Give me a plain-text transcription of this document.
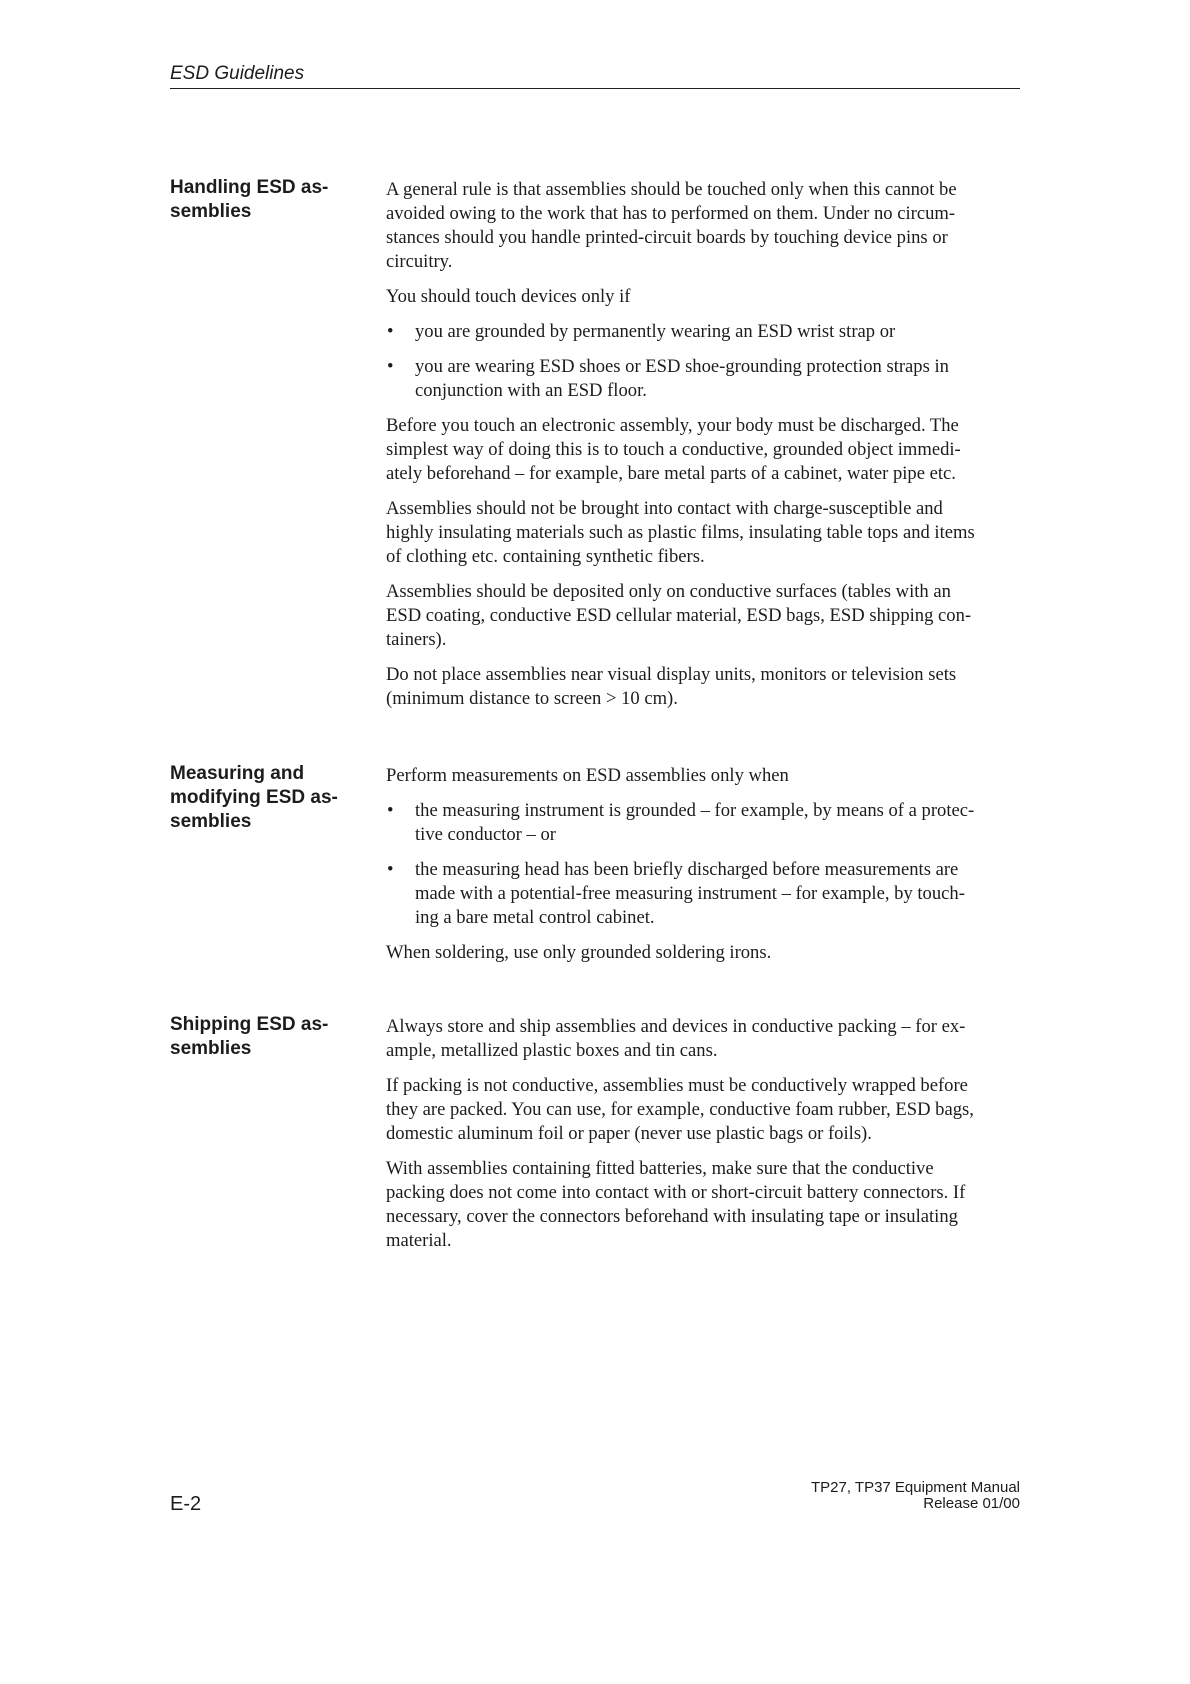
ESD Guidelines
Handling ESD as-
semblies

A general rule is that assemblies should be touched only when this cannot be
avoided owing to the work that has to performed on them. Under no circum-
stances should you handle printed-circuit boards by touching device pins or
circuitry.

You should touch devices only if

• you are grounded by permanently wearing an ESD wrist strap or
• you are wearing ESD shoes or ESD shoe-grounding protection straps in
conjunction with an ESD floor.

Before you touch an electronic assembly, your body must be discharged. The
simplest way of doing this is to touch a conductive, grounded object immedi-
ately beforehand – for example, bare metal parts of a cabinet, water pipe etc.

Assemblies should not be brought into contact with charge-susceptible and
highly insulating materials such as plastic films, insulating table tops and items
of clothing etc. containing synthetic fibers.

Assemblies should be deposited only on conductive surfaces (tables with an
ESD coating, conductive ESD cellular material, ESD bags, ESD shipping con-
tainers).

Do not place assemblies near visual display units, monitors or television sets
(minimum distance to screen > 10 cm).

Measuring and
modifying ESD as-
semblies

Perform measurements on ESD assemblies only when

• the measuring instrument is grounded – for example, by means of a protec-
tive conductor – or
• the measuring head has been briefly discharged before measurements are
made with a potential-free measuring instrument – for example, by touch-
ing a bare metal control cabinet.

When soldering, use only grounded soldering irons.

Shipping ESD as-
semblies

Always store and ship assemblies and devices in conductive packing – for ex-
ample, metallized plastic boxes and tin cans.

If packing is not conductive, assemblies must be conductively wrapped before
they are packed. You can use, for example, conductive foam rubber, ESD bags,
domestic aluminum foil or paper (never use plastic bags or foils).

With assemblies containing fitted batteries, make sure that the conductive
packing does not come into contact with or short-circuit battery connectors. If
necessary, cover the connectors beforehand with insulating tape or insulating
material.

E-2
TP27, TP37 Equipment Manual
Release 01/00
